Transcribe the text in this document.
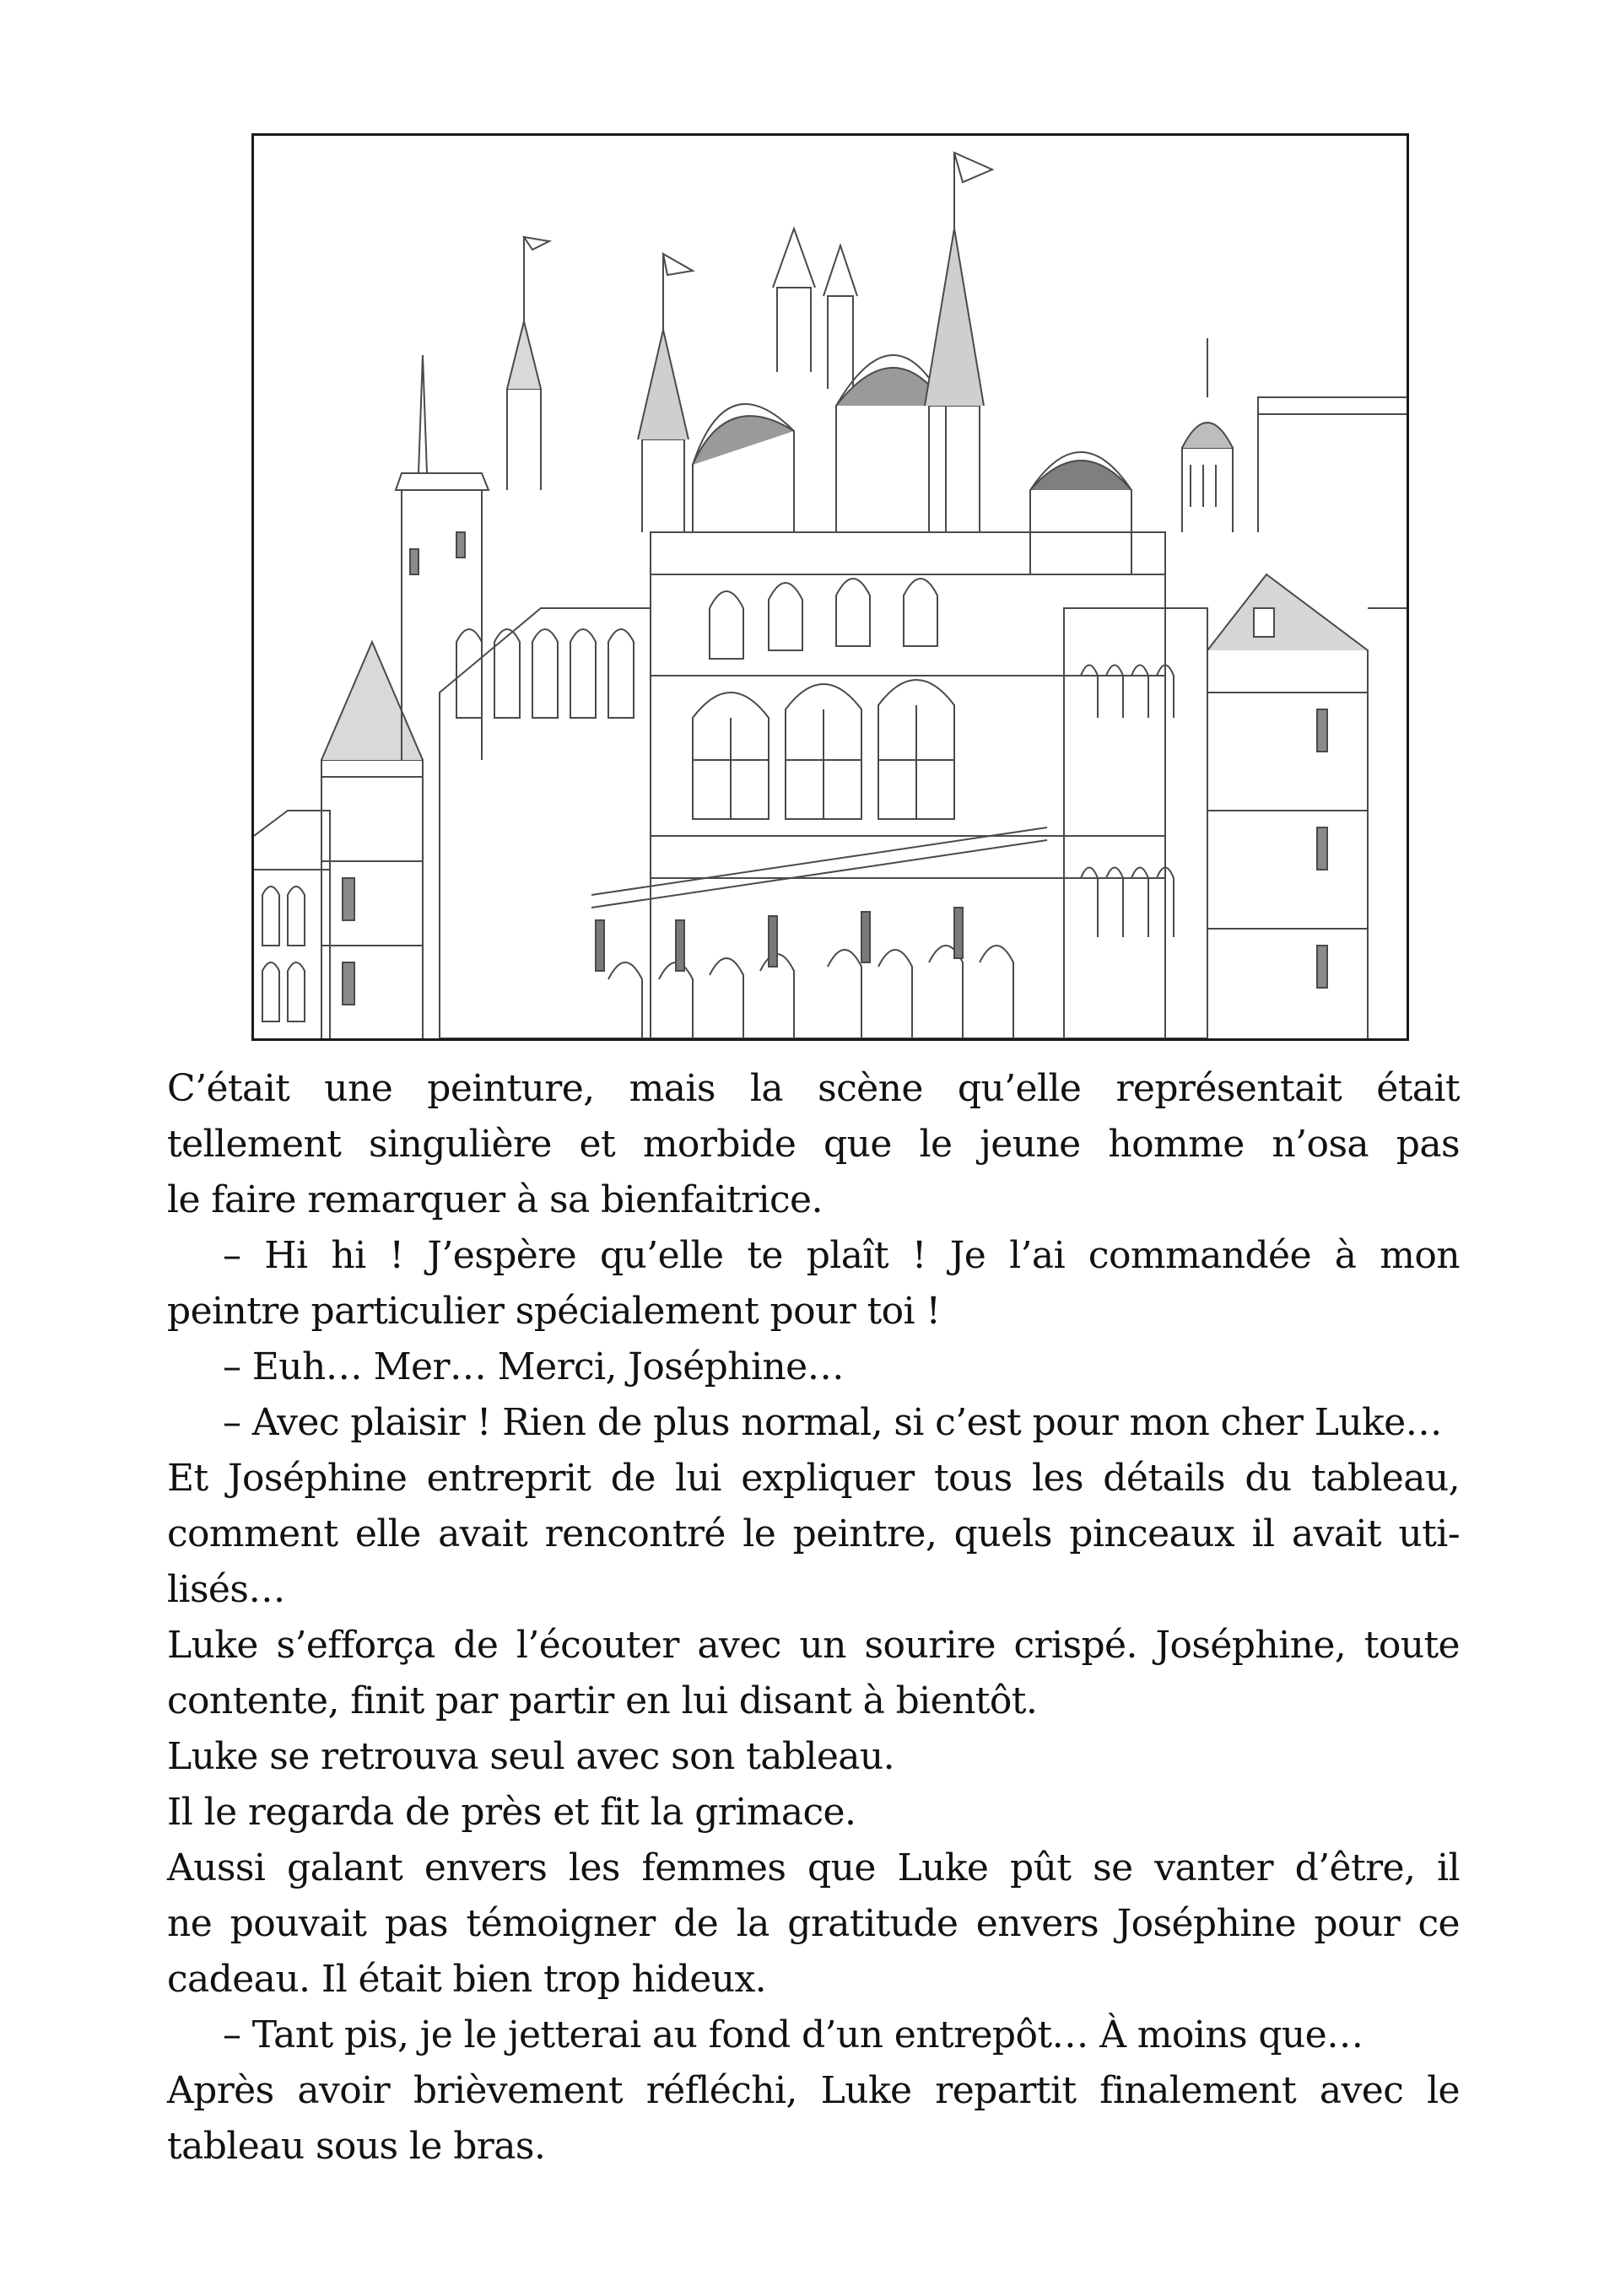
C’était une peinture, mais la scène qu’elle représentait était
tellement singulière et morbide que le jeune homme n’osa pas
le faire remarquer à sa bienfaitrice.
– Hi hi ! J’espère qu’elle te plaît ! Je l’ai commandée à mon
peintre particulier spécialement pour toi !
– Euh… Mer… Merci, Joséphine…
– Avec plaisir ! Rien de plus normal, si c’est pour mon cher Luke…
Et Joséphine entreprit de lui expliquer tous les détails du tableau,
comment elle avait rencontré le peintre, quels pinceaux il avait uti-
lisés…
Luke s’efforça de l’écouter avec un sourire crispé. Joséphine, toute
contente, finit par partir en lui disant à bientôt.
Luke se retrouva seul avec son tableau.
Il le regarda de près et fit la grimace.
Aussi galant envers les femmes que Luke pût se vanter d’être, il
ne pouvait pas témoigner de la gratitude envers Joséphine pour ce
cadeau. Il était bien trop hideux.
– Tant pis, je le jetterai au fond d’un entrepôt… À moins que…
Après avoir brièvement réfléchi, Luke repartit finalement avec le
tableau sous le bras.
